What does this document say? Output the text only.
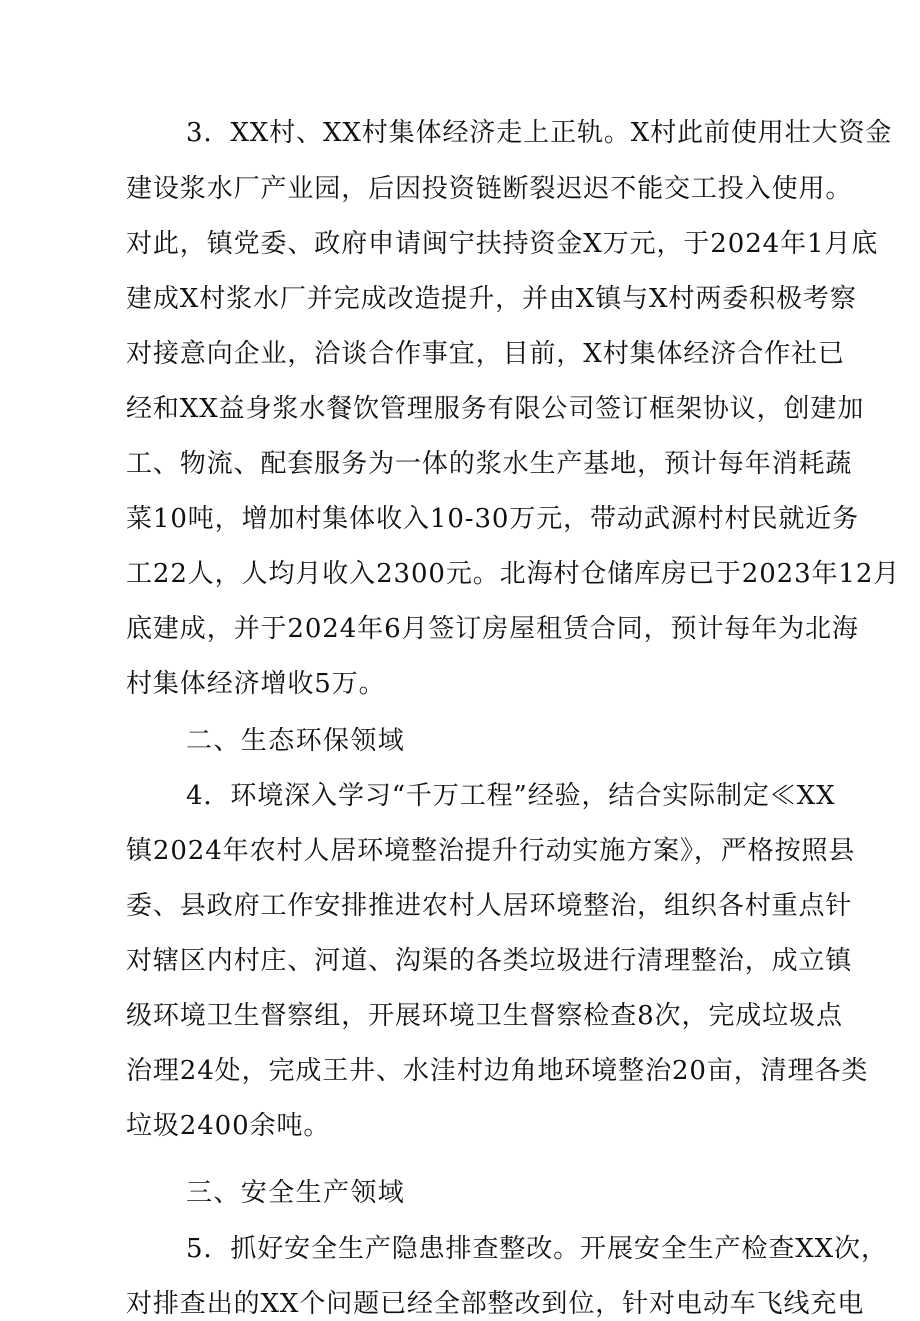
3．XX村、XX村集体经济走上正轨。X村此前使用壮大资金
建设浆水厂产业园，后因投资链断裂迟迟不能交工投入使用。
对此，镇党委、政府申请闽宁扶持资金X万元，于2024年1月底
建成X村浆水厂并完成改造提升，并由X镇与X村两委积极考察
对接意向企业，洽谈合作事宜，目前，X村集体经济合作社已
经和XX益身浆水餐饮管理服务有限公司签订框架协议，创建加
工、物流、配套服务为一体的浆水生产基地，预计每年消耗蔬
菜10吨，增加村集体收入10-30万元，带动武源村村民就近务
工22人，人均月收入2300元。北海村仓储库房已于2023年12月
底建成，并于2024年6月签订房屋租赁合同，预计每年为北海
村集体经济增收5万。
二、生态环保领域
4．环境深入学习“千万工程”经验，结合实际制定≪XX
镇2024年农村人居环境整治提升行动实施方案》，严格按照县
委、县政府工作安排推进农村人居环境整治，组织各村重点针
对辖区内村庄、河道、沟渠的各类垃圾进行清理整治，成立镇
级环境卫生督察组，开展环境卫生督察检查8次，完成垃圾点
治理24处，完成王井、水洼村边角地环境整治20亩，清理各类
垃圾2400余吨。
三、安全生产领域
5．抓好安全生产隐患排查整改。开展安全生产检查XX次，
对排查出的XX个问题已经全部整改到位，针对电动车飞线充电
